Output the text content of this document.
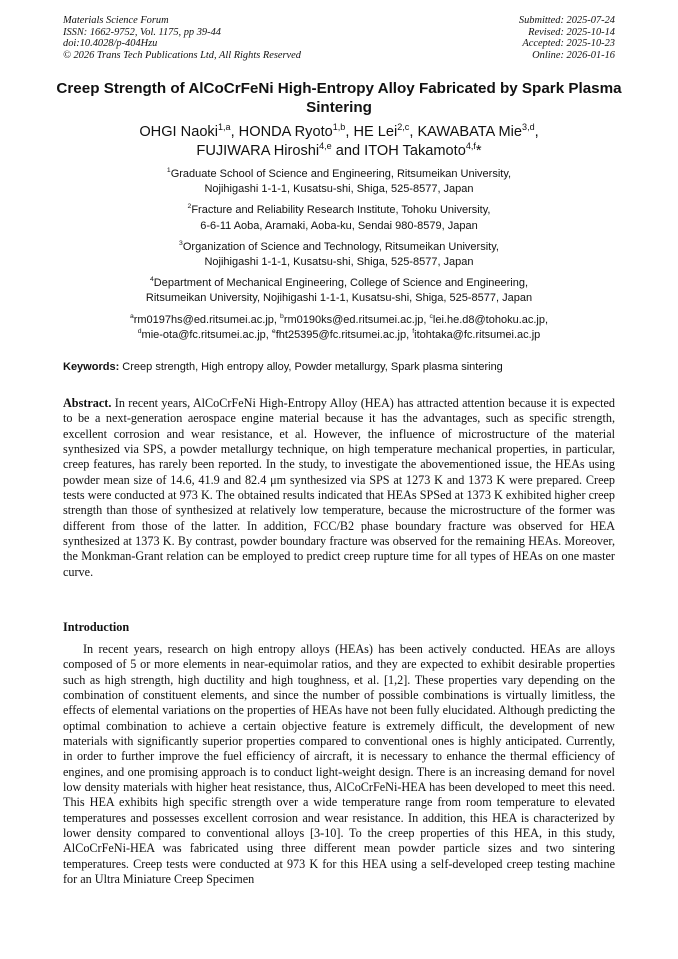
Materials Science Forum
ISSN: 1662-9752, Vol. 1175, pp 39-44
doi:10.4028/p-404Hzu
© 2026 Trans Tech Publications Ltd, All Rights Reserved
Submitted: 2025-07-24
Revised: 2025-10-14
Accepted: 2025-10-23
Online: 2026-01-16
Creep Strength of AlCoCrFeNi High-Entropy Alloy Fabricated by Spark Plasma Sintering
OHGI Naoki$^{1,a}$, HONDA Ryoto$^{1,b}$, HE Lei$^{2,c}$, KAWABATA Mie$^{3,d}$,
FUJIWARA Hiroshi$^{4,e}$ and ITOH Takamoto$^{4,f}$*
$^1$Graduate School of Science and Engineering, Ritsumeikan University,
Nojihigashi 1-1-1, Kusatsu-shi, Shiga, 525-8577, Japan
$^2$Fracture and Reliability Research Institute, Tohoku University,
6-6-11 Aoba, Aramaki, Aoba-ku, Sendai 980-8579, Japan
$^3$Organization of Science and Technology, Ritsumeikan University,
Nojihigashi 1-1-1, Kusatsu-shi, Shiga, 525-8577, Japan
$^4$Department of Mechanical Engineering, College of Science and Engineering,
Ritsumeikan University, Nojihigashi 1-1-1, Kusatsu-shi, Shiga, 525-8577, Japan
$^a$rm0197hs@ed.ritsumei.ac.jp, $^b$rm0190ks@ed.ritsumei.ac.jp, $^c$lei.he.d8@tohoku.ac.jp,
$^d$mie-ota@fc.ritsumei.ac.jp, $^e$fht25395@fc.ritsumei.ac.jp, $^f$itohtaka@fc.ritsumei.ac.jp
Keywords: Creep strength, High entropy alloy, Powder metallurgy, Spark plasma sintering
Abstract. In recent years, AlCoCrFeNi High-Entropy Alloy (HEA) has attracted attention because it is expected to be a next-generation aerospace engine material because it has the advantages, such as specific strength, excellent corrosion and wear resistance, et al. However, the influence of microstructure of the material synthesized via SPS, a powder metallurgy technique, on high temperature mechanical properties, in particular, creep features, has rarely been reported. In the study, to investigate the abovementioned issue, the HEAs using powder mean size of 14.6, 41.9 and 82.4 μm synthesized via SPS at 1273 K and 1373 K were prepared. Creep tests were conducted at 973 K. The obtained results indicated that HEAs SPSed at 1373 K exhibited higher creep strength than those of synthesized at relatively low temperature, because the microstructure of the former was different from those of the latter. In addition, FCC/B2 phase boundary fracture was observed for HEA synthesized at 1373 K. By contrast, powder boundary fracture was observed for the remaining HEAs. Moreover, the Monkman-Grant relation can be employed to predict creep rupture time for all types of HEAs on one master curve.
Introduction
In recent years, research on high entropy alloys (HEAs) has been actively conducted. HEAs are alloys composed of 5 or more elements in near-equimolar ratios, and they are expected to exhibit desirable properties such as high strength, high ductility and high toughness, et al. [1,2]. These properties vary depending on the combination of constituent elements, and since the number of possible combinations is virtually limitless, the effects of elemental variations on the properties of HEAs have not been fully elucidated. Although predicting the optimal combination to achieve a certain objective feature is extremely difficult, the development of new materials with significantly superior properties compared to conventional ones is highly anticipated. Currently, in order to further improve the fuel efficiency of aircraft, it is necessary to enhance the thermal efficiency of engines, and one promising approach is to conduct light-weight design. There is an increasing demand for novel low density materials with higher heat resistance, thus, AlCoCrFeNi-HEA has been developed to meet this need. This HEA exhibits high specific strength over a wide temperature range from room temperature to elevated temperatures and possesses excellent corrosion and wear resistance. In addition, this HEA is characterized by lower density compared to conventional alloys [3-10]. To the creep properties of this HEA, in this study, AlCoCrFeNi-HEA was fabricated using three different mean powder particle sizes and two sintering temperatures. Creep tests were conducted at 973 K for this HEA using a self-developed creep testing machine for an Ultra Miniature Creep Specimen
